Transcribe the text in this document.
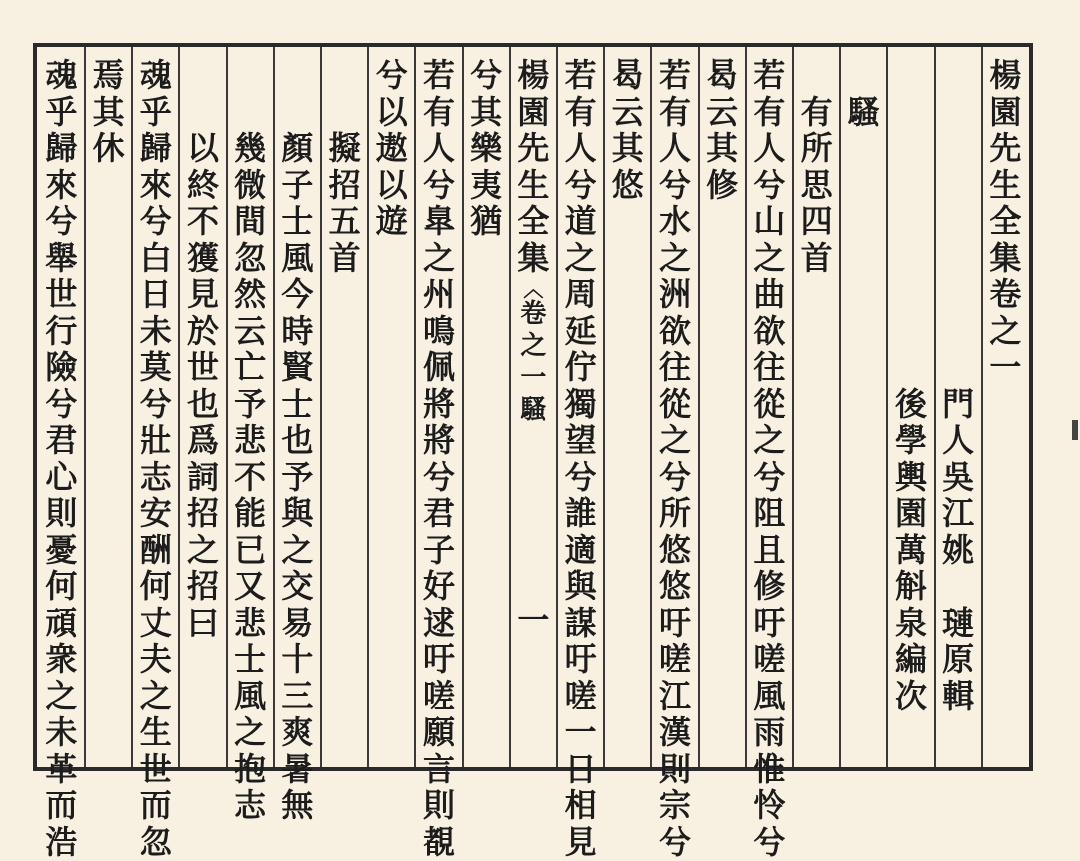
楊
園
先
生
全
集
卷
之
一
門
人
吳
江
姚
璉
原
輯
後
學
輿
園
萬
斛
泉
編
次
騷
有
所
思
四
首
若
有
人
兮
山
之
曲
欲
往
從
之
兮
阻
且
修
吁
嗟
風
雨
惟
怜
兮
曷
云
其
修
若
有
人
兮
水
之
洲
欲
往
從
之
兮
所
悠
悠
吁
嗟
江
漢
則
宗
兮
曷
云
其
悠
若
有
人
兮
道
之
周
延
佇
獨
望
兮
誰
適
與
謀
吁
嗟
一
日
相
見
楊
園
先
生
全
集
︿
卷
之
一
騷
一
兮
其
樂
夷
猶
若
有
人
兮
臯
之
州
鳴
佩
將
將
兮
君
子
好
逑
吁
嗟
願
言
則
覩
兮
以
遨
以
遊
擬
招
五
首
顏
子
士
風
今
時
賢
士
也
予
與
之
交
易
十
三
爽
暑
無
幾
微
間
忽
然
云
亡
予
悲
不
能
已
又
悲
士
風
之
抱
志
以
終
不
獲
見
於
世
也
爲
詞
招
之
招
曰
魂
乎
歸
來
兮
白
日
未
莫
兮
壯
志
安
酬
何
丈
夫
之
生
世
而
忽
焉
其
休
魂
乎
歸
來
兮
舉
世
行
險
兮
君
心
則
憂
何
頑
衆
之
未
革
而
浩
